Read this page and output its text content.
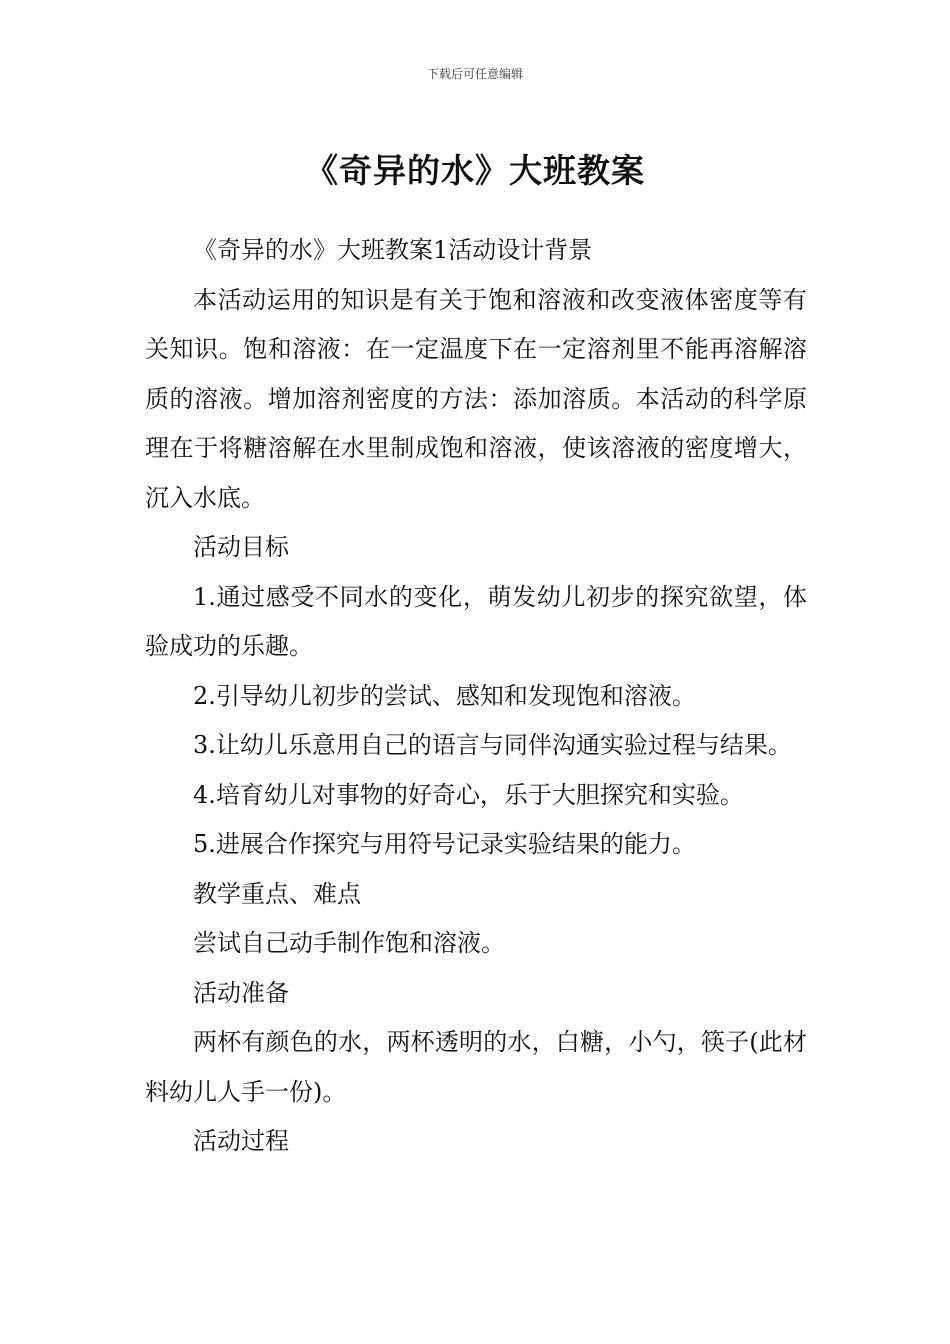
下载后可任意编辑
《奇异的水》大班教案

《奇异的水》大班教案1活动设计背景

本活动运用的知识是有关于饱和溶液和改变液体密度等有关知识。饱和溶液：在一定温度下在一定溶剂里不能再溶解溶质的溶液。增加溶剂密度的方法：添加溶质。本活动的科学原理在于将糖溶解在水里制成饱和溶液，使该溶液的密度增大，沉入水底。

活动目标

1.通过感受不同水的变化，萌发幼儿初步的探究欲望，体验成功的乐趣。

2.引导幼儿初步的尝试、感知和发现饱和溶液。

3.让幼儿乐意用自己的语言与同伴沟通实验过程与结果。

4.培育幼儿对事物的好奇心，乐于大胆探究和实验。

5.进展合作探究与用符号记录实验结果的能力。

教学重点、难点

尝试自己动手制作饱和溶液。

活动准备

两杯有颜色的水，两杯透明的水，白糖，小勺，筷子(此材料幼儿人手一份)。

活动过程
